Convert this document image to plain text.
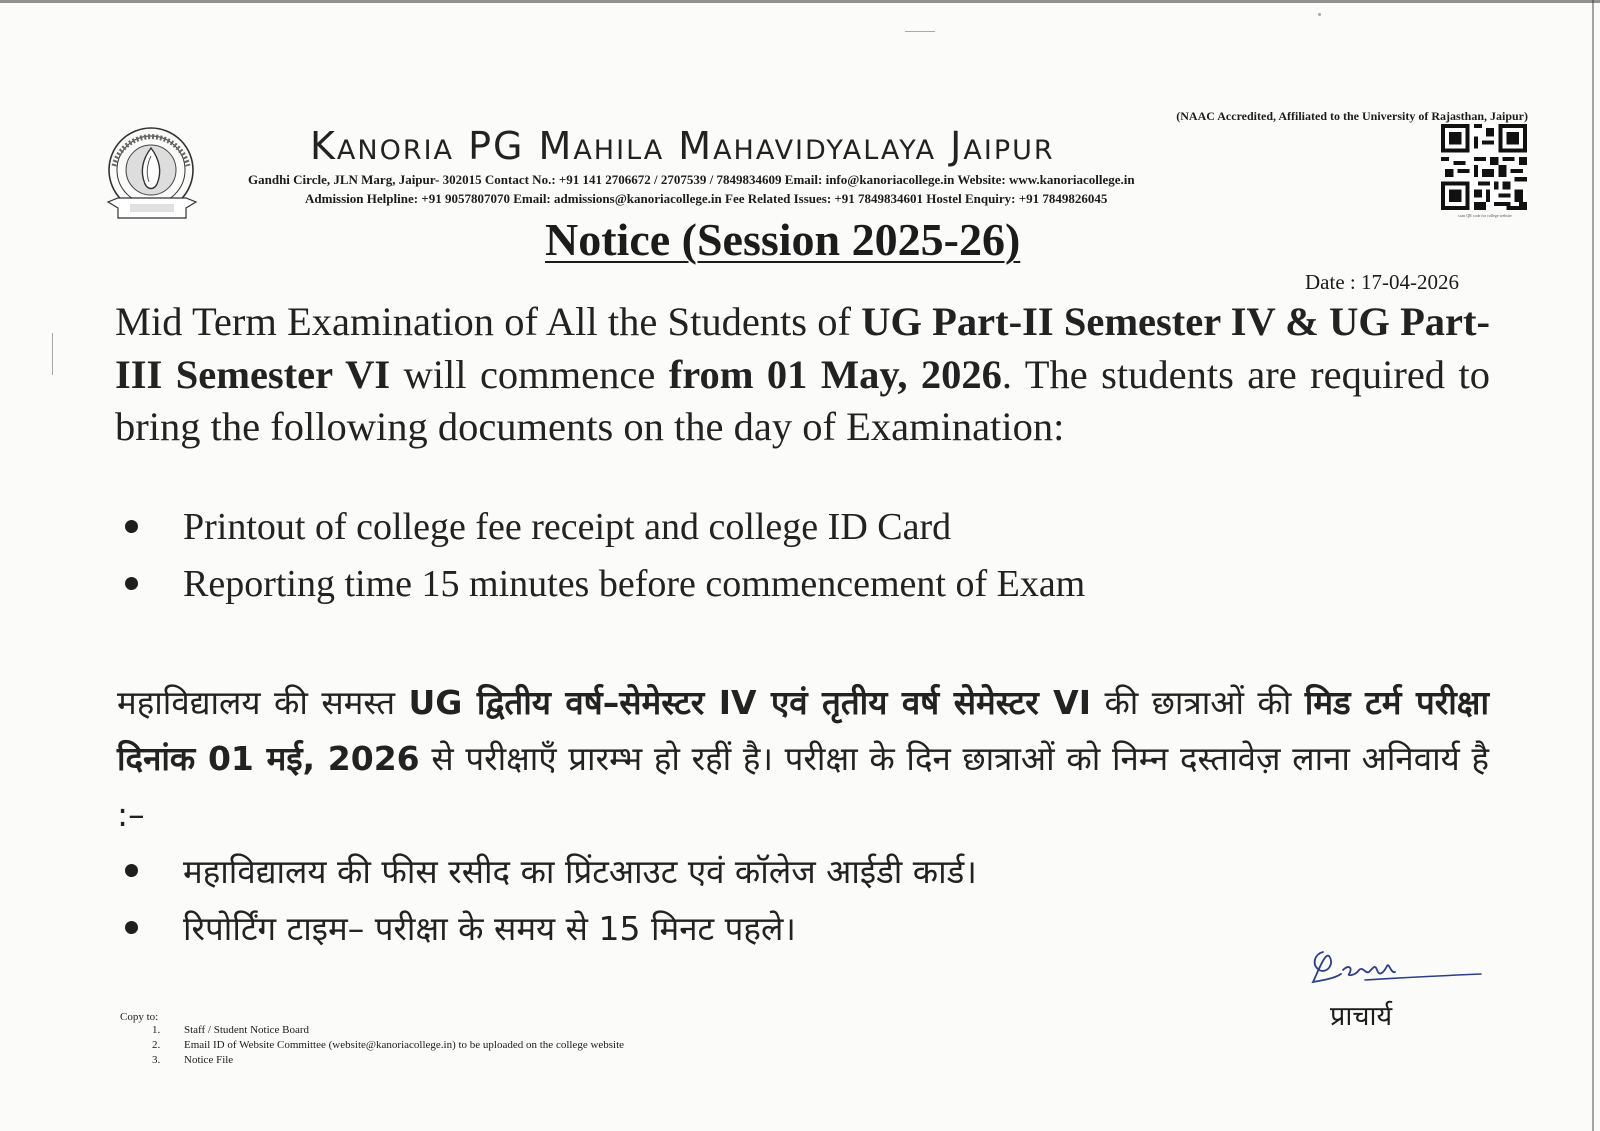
(NAAC Accredited, Affiliated to the University of Rajasthan, Jaipur)
Kanoria PG Mahila Mahavidyalaya Jaipur
Gandhi Circle, JLN Marg, Jaipur- 302015 Contact No.: +91 141 2706672 / 2707539 / 7849834609 Email: info@kanoriacollege.in Website: www.kanoriacollege.in
Admission Helpline: +91 9057807070 Email: admissions@kanoriacollege.in Fee Related Issues: +91 7849834601 Hostel Enquiry: +91 7849826045
scan QR code for college website
Notice (Session 2025-26)
Date : 17-04-2026
Mid Term Examination of All the Students of UG Part-II Semester IV & UG Part-III Semester VI will commence from 01 May, 2026. The students are required to bring the following documents on the day of Examination:
Printout of college fee receipt and college ID Card
Reporting time 15 minutes before commencement of Exam
महाविद्यालय की समस्त UG द्वितीय वर्ष–सेमेस्टर IV एवं तृतीय वर्ष सेमेस्टर VI की छात्राओं की मिड टर्म परीक्षा दिनांक 01 मई, 2026 से परीक्षाएँ प्रारम्भ हो रहीं है। परीक्षा के दिन छात्राओं को निम्न दस्तावेज़ लाना अनिवार्य है :–
महाविद्यालय की फीस रसीद का प्रिंटआउट एवं कॉलेज आईडी कार्ड।
रिपोर्टिंग टाइम– परीक्षा के समय से 15 मिनट पहले।
प्राचार्य
Copy to:
1. Staff / Student Notice Board
2. Email ID of Website Committee (website@kanoriacollege.in) to be uploaded on the college website
3. Notice File
